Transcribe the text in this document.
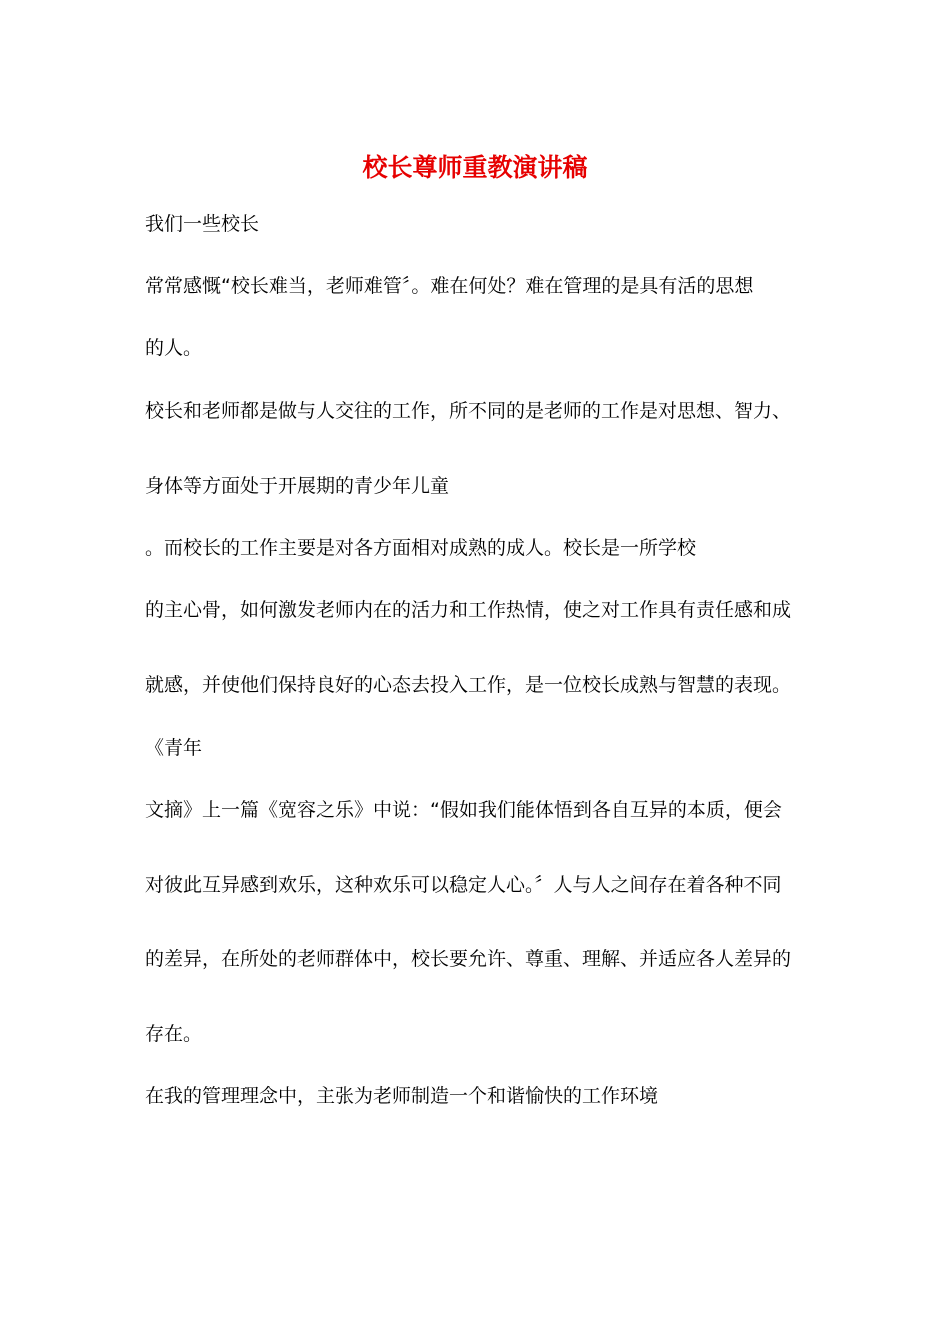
校长尊师重教演讲稿
我们一些校长
常常感慨“校长难当，老师难管〞。难在何处？难在管理的是具有活的思想
的人。
校长和老师都是做与人交往的工作，所不同的是老师的工作是对思想、智力、
身体等方面处于开展期的青少年儿童
。而校长的工作主要是对各方面相对成熟的成人。校长是一所学校
的主心骨，如何激发老师内在的活力和工作热情，使之对工作具有责任感和成
就感，并使他们保持良好的心态去投入工作，是一位校长成熟与智慧的表现。
《青年
文摘》上一篇《宽容之乐》中说：“假如我们能体悟到各自互异的本质，便会
对彼此互异感到欢乐，这种欢乐可以稳定人心。〞人与人之间存在着各种不同
的差异，在所处的老师群体中，校长要允许、尊重、理解、并适应各人差异的
存在。
在我的管理理念中，主张为老师制造一个和谐愉快的工作环境
